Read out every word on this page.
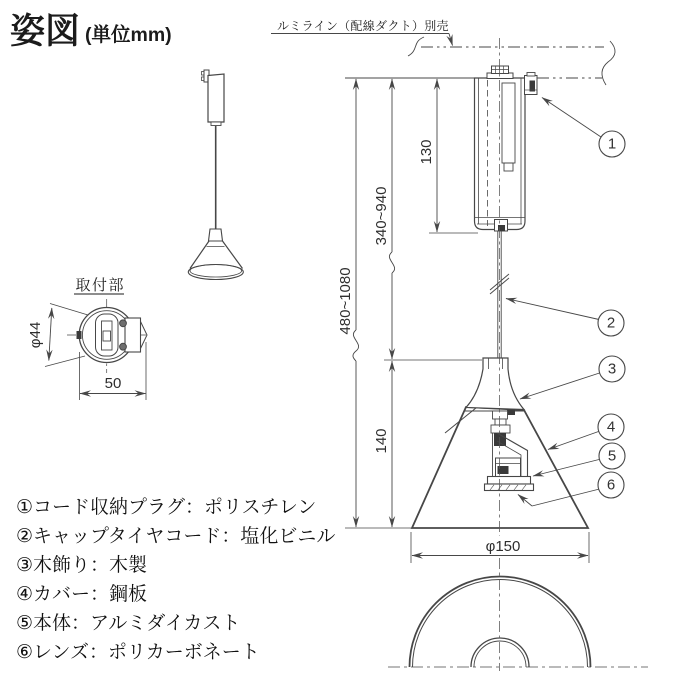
姿図 (単位mm)	ルミライン（配線ダクト）別売
取付部
φ44
50
480~1080
340~940
130
140
φ150
1
2
3
4
5
6
①コード収納プラグ：ポリスチレン
②キャップタイヤコード：塩化ビニル
③木飾り：木製
④カバー：鋼板
⑤本体：アルミダイカスト
⑥レンズ：ポリカーボネート
